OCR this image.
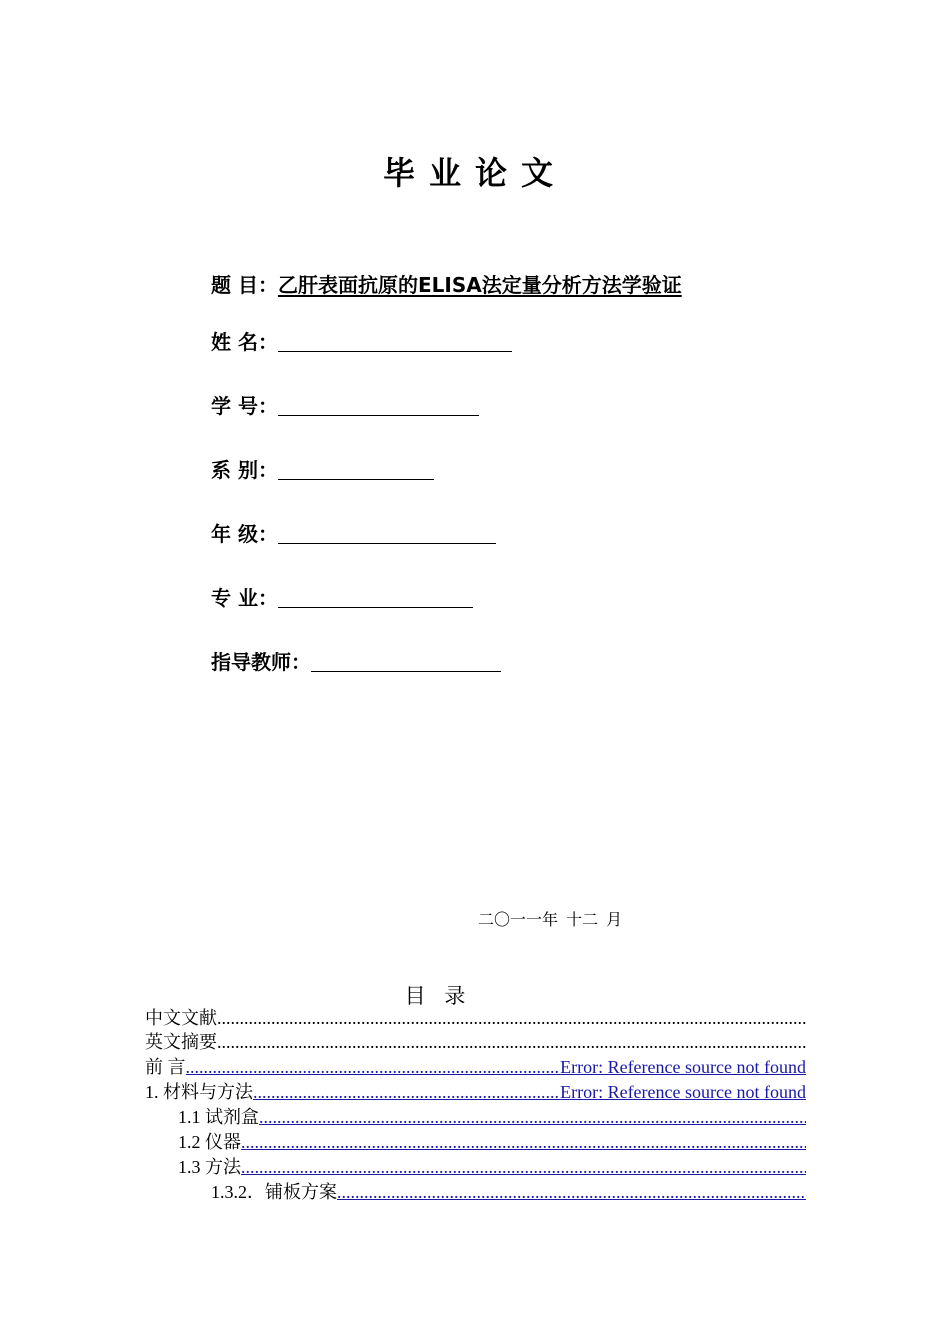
毕业论文
题 目：乙肝表面抗原的ELISA法定量分析方法学验证
姓 名：
学 号：
系 别：
年 级：
专 业：
指导教师：
二〇一一年 十二 月
目 录
中文文献
.....
英文摘要
.....
前 言 .....	Error: Reference source not found
1. 材料与方法 .....	Error: Reference source not found
1.1 试剂盒
.....
1.2 仪器
.....
1.3 方法
.....
1.3.2．铺板方案
.....
